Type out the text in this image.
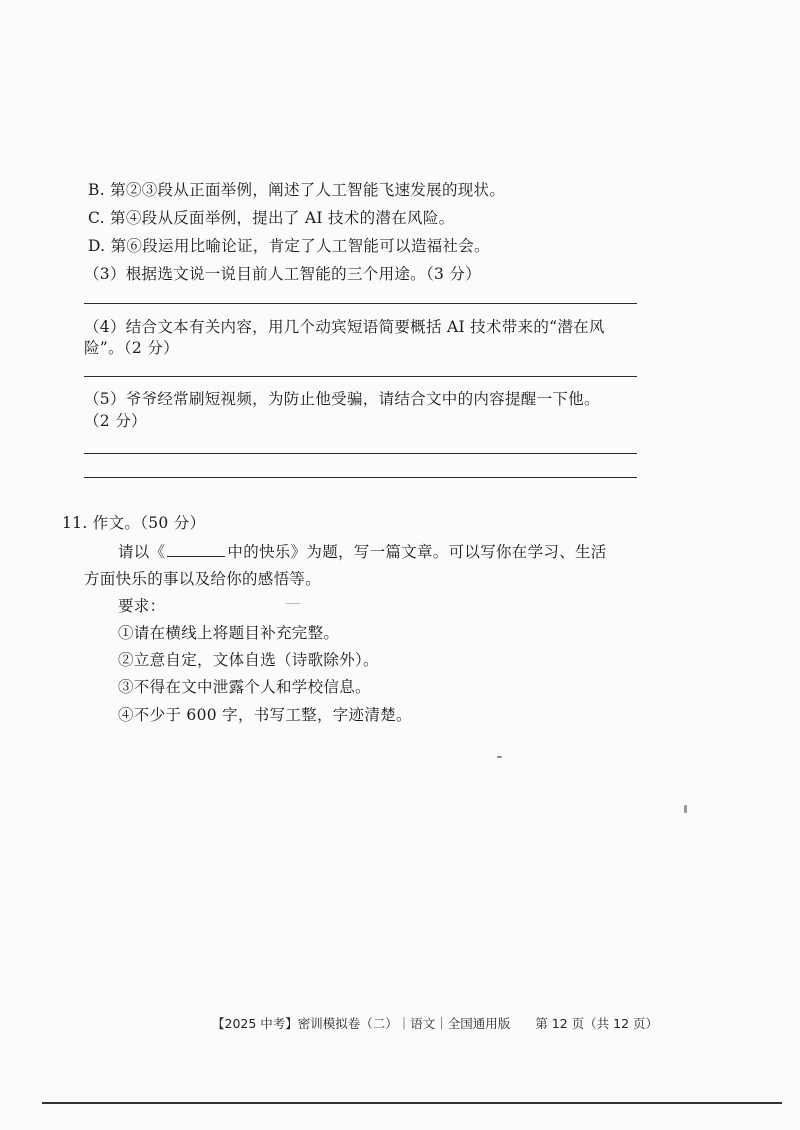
B. 第②③段从正面举例，阐述了人工智能飞速发展的现状。
C. 第④段从反面举例，提出了 AI 技术的潜在风险。
D. 第⑥段运用比喻论证，肯定了人工智能可以造福社会。
（3）根据选文说一说目前人工智能的三个用途。（3 分）
（4）结合文本有关内容，用几个动宾短语简要概括 AI 技术带来的“潜在风
险”。（2 分）
（5）爷爷经常刷短视频，为防止他受骗，请结合文中的内容提醒一下他。
（2 分）
11. 作文。（50 分）
请以《	中的快乐》为题，写一篇文章。可以写你在学习、生活
方面快乐的事以及给你的感悟等。
要求：
①请在横线上将题目补充完整。
②立意自定，文体自选（诗歌除外）。
③不得在文中泄露个人和学校信息。
④不少于 600 字，书写工整，字迹清楚。
【2025 中考】密训模拟卷（二）｜语文｜全国通用版　　第 12 页（共 12 页）
